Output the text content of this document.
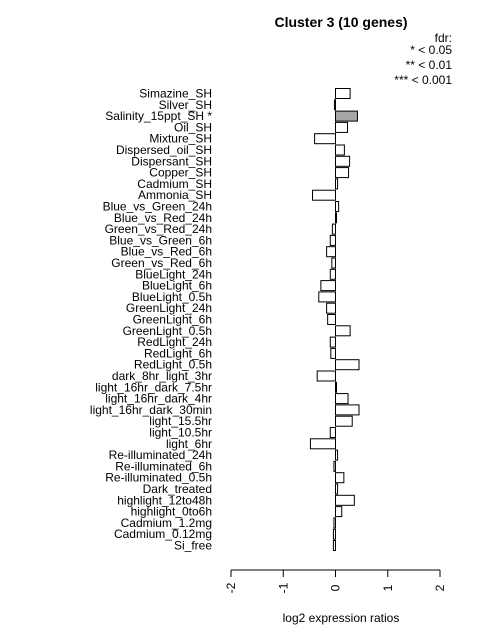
Cluster 3 (10 genes)
fdr:
* < 0.05
** < 0.01
*** < 0.001
Simazine_SH
Silver_SH
Salinity_15ppt_SH *
Oil_SH
Mixture_SH
Dispersed_oil_SH
Dispersant_SH
Copper_SH
Cadmium_SH
Ammonia_SH
Blue_vs_Green_24h
Blue_vs_Red_24h
Green_vs_Red_24h
Blue_vs_Green_6h
Blue_vs_Red_6h
Green_vs_Red_6h
BlueLight_24h
BlueLight_6h
BlueLight_0.5h
GreenLight_24h
GreenLight_6h
GreenLight_0.5h
RedLight_24h
RedLight_6h
RedLight_0.5h
dark_8hr_light_3hr
light_16hr_dark_7.5hr
light_16hr_dark_4hr
light_16hr_dark_30min
light_15.5hr
light_10.5hr
light_6hr
Re-illuminated_24h
Re-illuminated_6h
Re-illuminated_0.5h
Dark_treated
highlight_12to48h
highlight_0to6h
Cadmium_1.2mg
Cadmium_0.12mg
Si_free
-2	-1	0	1	2
log2 expression ratios
